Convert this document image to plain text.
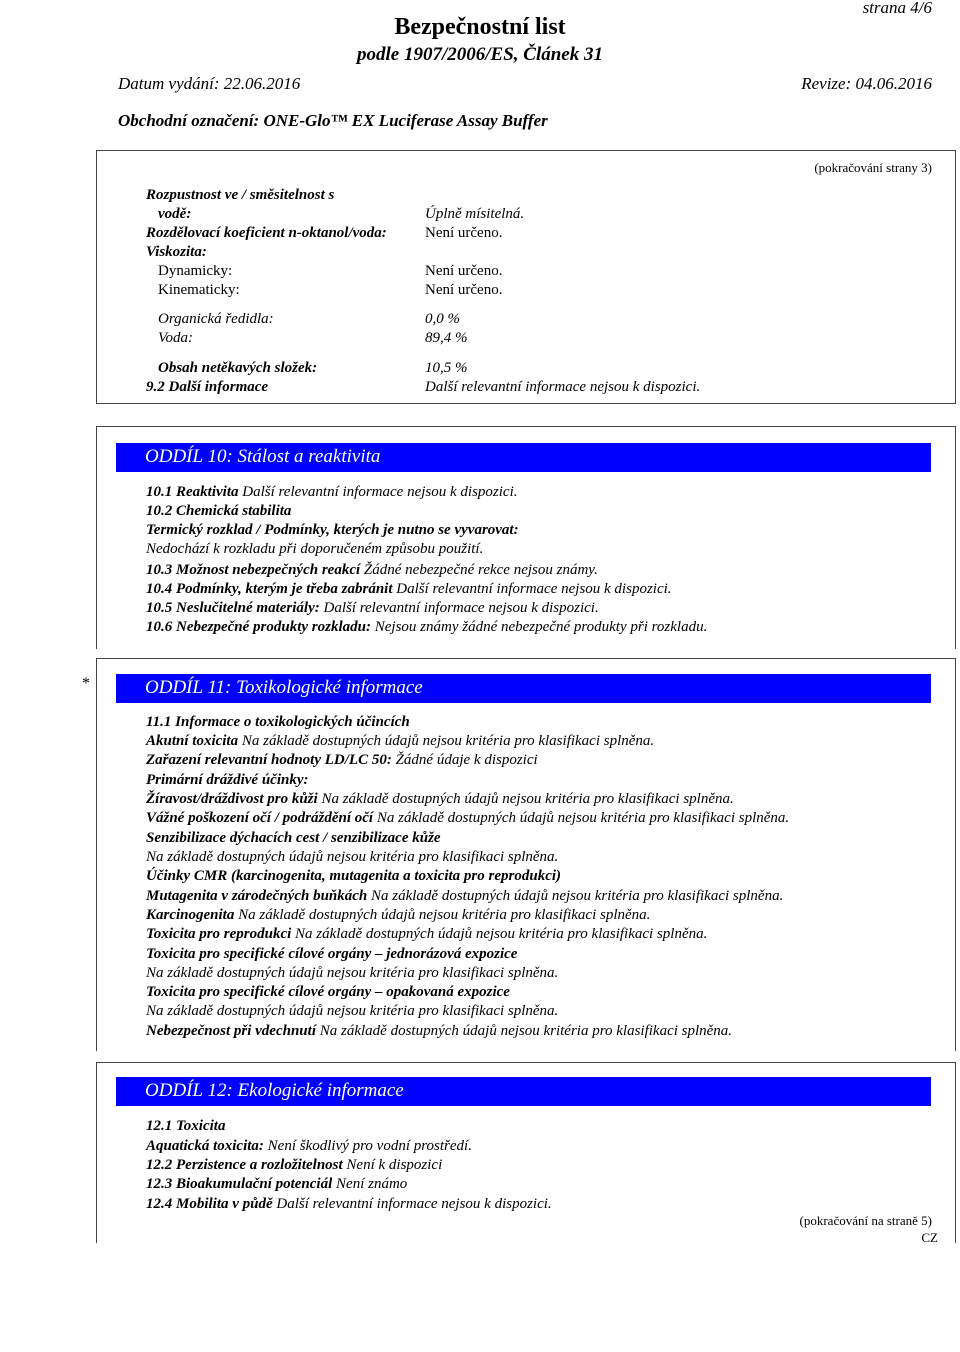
strana 4/6
Bezpečnostní list
podle 1907/2006/ES, Článek 31
Datum vydání: 22.06.2016	Revize: 04.06.2016
Obchodní označení: ONE-Glo™ EX Luciferase Assay Buffer
(pokračování strany 3)
Rozpustnost ve / směsitelnost s
vodě:	Úplně mísitelná.
Rozdělovací koeficient n-oktanol/voda:	Není určeno.
Viskozita:
Dynamicky:	Není určeno.
Kinematicky:	Není určeno.
Organická ředidla:	0,0 %
Voda:	89,4 %
Obsah netěkavých složek:	10,5 %
9.2 Další informace	Další relevantní informace nejsou k dispozici.
ODDÍL 10: Stálost a reaktivita
10.1 Reaktivita Další relevantní informace nejsou k dispozici.
10.2 Chemická stabilita
Termický rozklad / Podmínky, kterých je nutno se vyvarovat:
Nedochází k rozkladu při doporučeném způsobu použití.
10.3 Možnost nebezpečných reakcí Žádné nebezpečné rekce nejsou známy.
10.4 Podmínky, kterým je třeba zabránit Další relevantní informace nejsou k dispozici.
10.5 Neslučitelné materiály: Další relevantní informace nejsou k dispozici.
10.6 Nebezpečné produkty rozkladu: Nejsou známy žádné nebezpečné produkty při rozkladu.
*	ODDÍL 11: Toxikologické informace
11.1 Informace o toxikologických účincích
Akutní toxicita Na základě dostupných údajů nejsou kritéria pro klasifikaci splněna.
Zařazení relevantní hodnoty LD/LC 50: Žádné údaje k dispozici
Primární dráždivé účinky:
Žíravost/dráždivost pro kůži Na základě dostupných údajů nejsou kritéria pro klasifikaci splněna.
Vážné poškození očí / podráždění očí Na základě dostupných údajů nejsou kritéria pro klasifikaci splněna.
Senzibilizace dýchacích cest / senzibilizace kůže
Na základě dostupných údajů nejsou kritéria pro klasifikaci splněna.
Účinky CMR (karcinogenita, mutagenita a toxicita pro reprodukci)
Mutagenita v zárodečných buňkách Na základě dostupných údajů nejsou kritéria pro klasifikaci splněna.
Karcinogenita Na základě dostupných údajů nejsou kritéria pro klasifikaci splněna.
Toxicita pro reprodukci Na základě dostupných údajů nejsou kritéria pro klasifikaci splněna.
Toxicita pro specifické cílové orgány – jednorázová expozice
Na základě dostupných údajů nejsou kritéria pro klasifikaci splněna.
Toxicita pro specifické cílové orgány – opakovaná expozice
Na základě dostupných údajů nejsou kritéria pro klasifikaci splněna.
Nebezpečnost při vdechnutí Na základě dostupných údajů nejsou kritéria pro klasifikaci splněna.
ODDÍL 12: Ekologické informace
12.1 Toxicita
Aquatická toxicita: Není škodlivý pro vodní prostředí.
12.2 Perzistence a rozložitelnost Není k dispozici
12.3 Bioakumulační potenciál Není známo
12.4 Mobilita v půdě Další relevantní informace nejsou k dispozici.
(pokračování na straně 5)
CZ
